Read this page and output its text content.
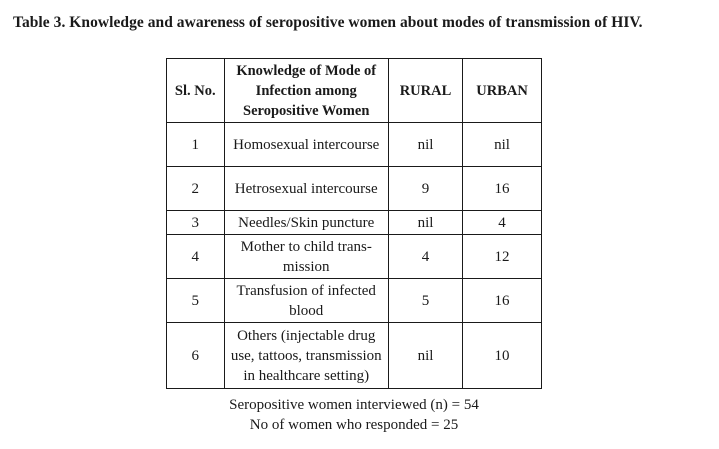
Table 3. Knowledge and awareness of seropositive women about modes of transmission of HIV.
Sl. No.	Knowledge of Mode of Infection among Seropositive Women	RURAL	URBAN
1	Homosexual intercourse	nil	nil
2	Hetrosexual intercourse	9	16
3	Needles/Skin puncture	nil	4
4	Mother to child trans-mission	4	12
5	Transfusion of infected blood	5	16
6	Others (injectable drug use, tattoos, transmission in healthcare setting)	nil	10
Seropositive women interviewed (n) = 54
No of women who responded = 25
